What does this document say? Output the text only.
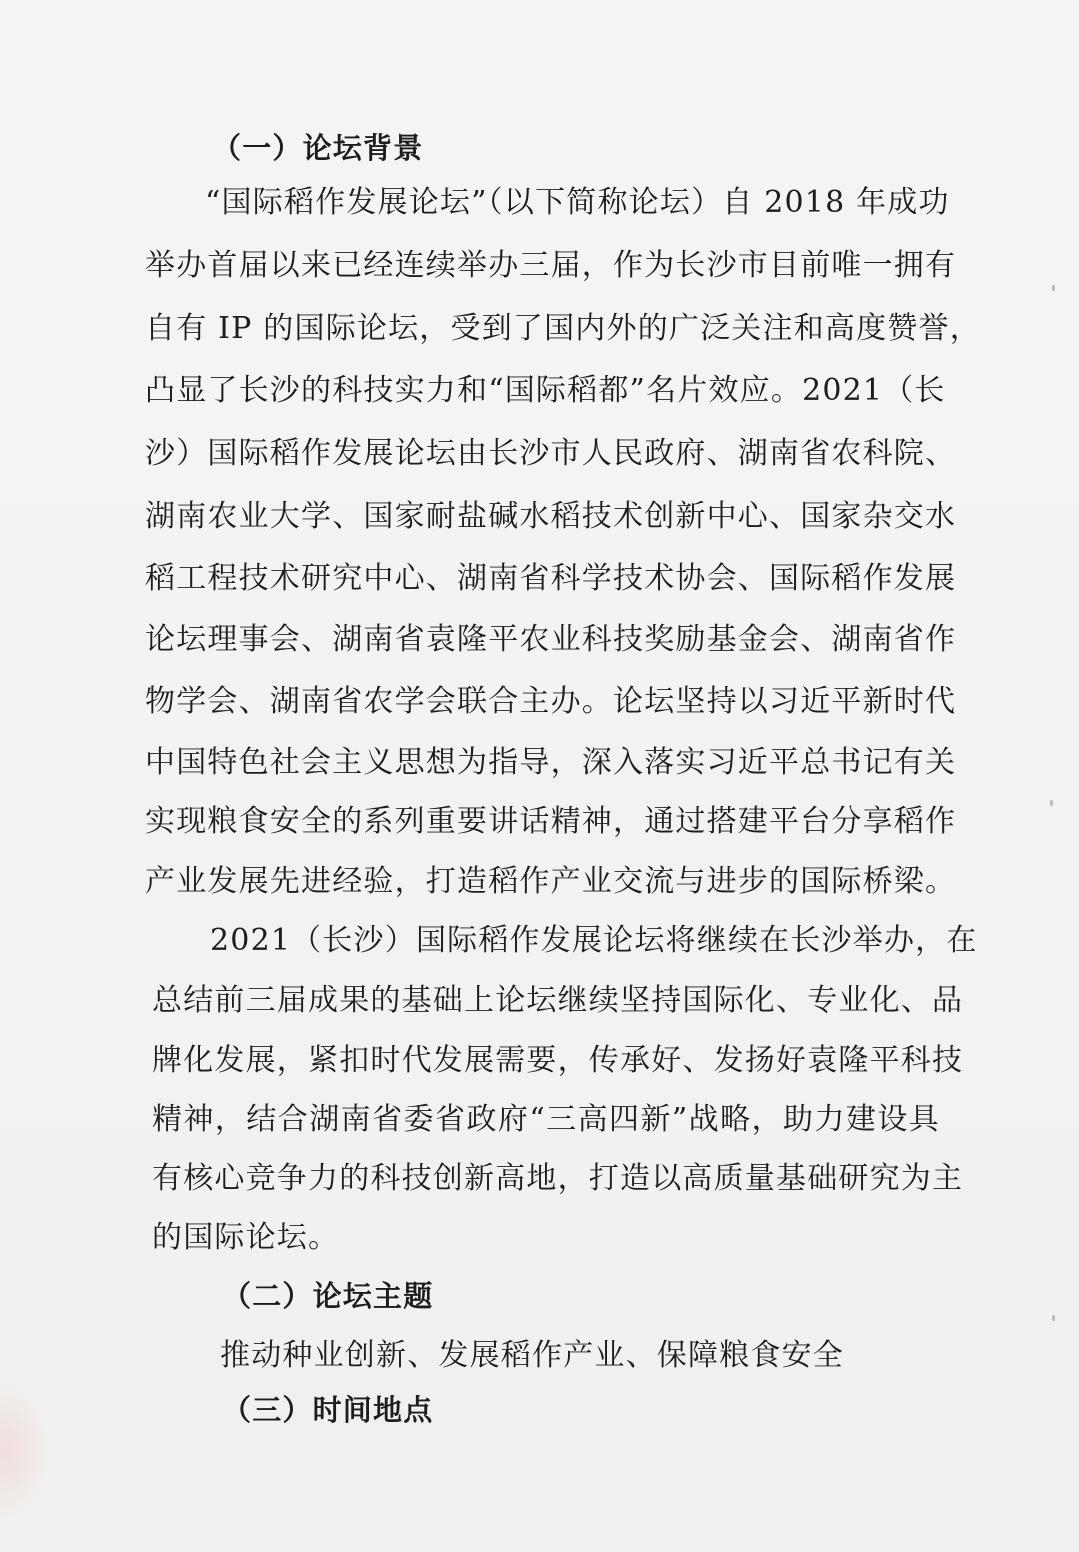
（一）论坛背景
“国际稻作发展论坛”（以下简称论坛）自 2018 年成功
举办首届以来已经连续举办三届，作为长沙市目前唯一拥有
自有 IP 的国际论坛，受到了国内外的广泛关注和高度赞誉，
凸显了长沙的科技实力和“国际稻都”名片效应。2021（长
沙）国际稻作发展论坛由长沙市人民政府、湖南省农科院、
湖南农业大学、国家耐盐碱水稻技术创新中心、国家杂交水
稻工程技术研究中心、湖南省科学技术协会、国际稻作发展
论坛理事会、湖南省袁隆平农业科技奖励基金会、湖南省作
物学会、湖南省农学会联合主办。论坛坚持以习近平新时代
中国特色社会主义思想为指导，深入落实习近平总书记有关
实现粮食安全的系列重要讲话精神，通过搭建平台分享稻作
产业发展先进经验，打造稻作产业交流与进步的国际桥梁。
2021（长沙）国际稻作发展论坛将继续在长沙举办，在
总结前三届成果的基础上论坛继续坚持国际化、专业化、品
牌化发展，紧扣时代发展需要，传承好、发扬好袁隆平科技
精神，结合湖南省委省政府“三高四新”战略，助力建设具
有核心竞争力的科技创新高地，打造以高质量基础研究为主
的国际论坛。
（二）论坛主题
推动种业创新、发展稻作产业、保障粮食安全
（三）时间地点
